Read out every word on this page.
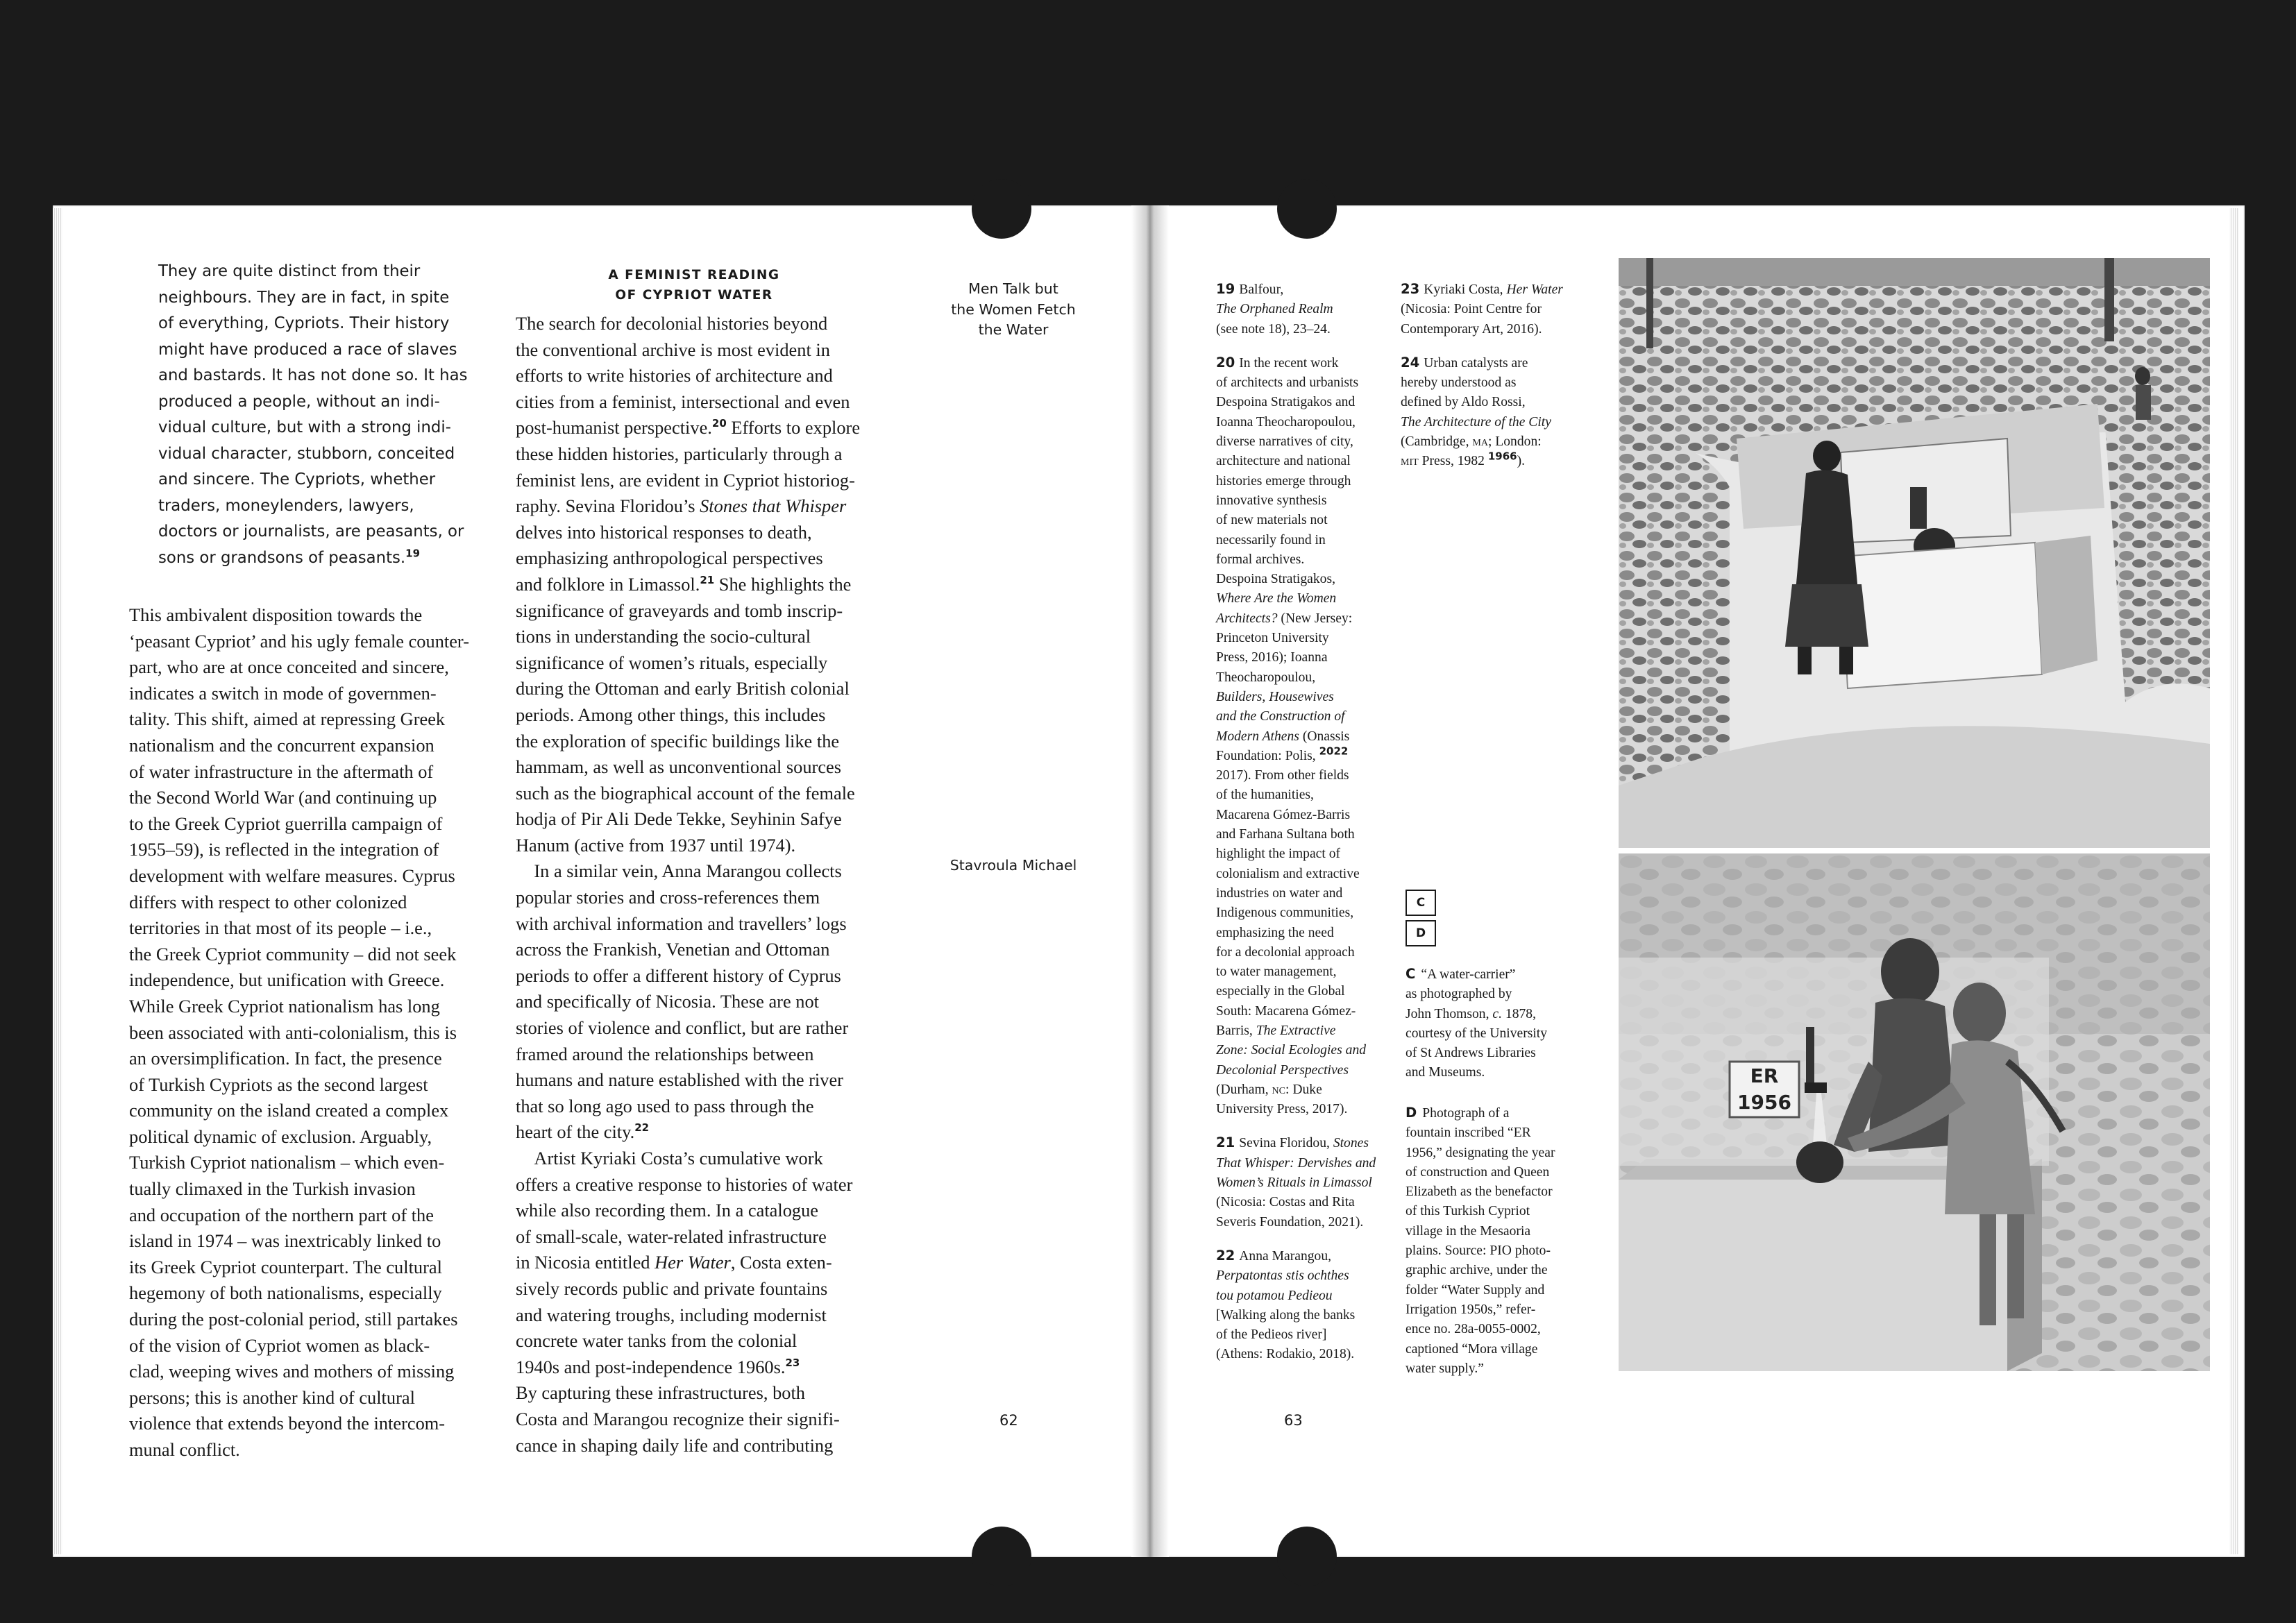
They are quite distinct from their
neighbours. They are in fact, in spite
of everything, Cypriots. Their history
might have produced a race of slaves
and bastards. It has not done so. It has
produced a people, without an indi-
vidual culture, but with a strong indi-
vidual character, stubborn, conceited
and sincere. The Cypriots, whether
traders, moneylenders, lawyers,
doctors or journalists, are peasants, or
sons or grandsons of peasants.$^{19}$

This ambivalent disposition towards the
‘peasant Cypriot’ and his ugly female counter-
part, who are at once conceited and sincere,
indicates a switch in mode of governmen-
tality. This shift, aimed at repressing Greek
nationalism and the concurrent expansion
of water infrastructure in the aftermath of
the Second World War (and continuing up
to the Greek Cypriot guerrilla campaign of
1955–59), is reflected in the integration of
development with welfare measures. Cyprus
differs with respect to other colonized
territories in that most of its people – i.e.,
the Greek Cypriot community – did not seek
independence, but unification with Greece.
While Greek Cypriot nationalism has long
been associated with anti-colonialism, this is
an oversimplification. In fact, the presence
of Turkish Cypriots as the second largest
community on the island created a complex
political dynamic of exclusion. Arguably,
Turkish Cypriot nationalism – which even-
tually climaxed in the Turkish invasion
and occupation of the northern part of the
island in 1974 – was inextricably linked to
its Greek Cypriot counterpart. The cultural
hegemony of both nationalisms, especially
during the post-colonial period, still partakes
of the vision of Cypriot women as black-
clad, weeping wives and mothers of missing
persons; this is another kind of cultural
violence that extends beyond the intercom-
munal conflict.

A FEMINIST READING
OF CYPRIOT WATER

The search for decolonial histories beyond
the conventional archive is most evident in
efforts to write histories of architecture and
cities from a feminist, intersectional and even
post-humanist perspective.$^{20}$ Efforts to explore
these hidden histories, particularly through a
feminist lens, are evident in Cypriot historiog-
raphy. Sevina Floridou’s Stones that Whisper
delves into historical responses to death,
emphasizing anthropological perspectives
and folklore in Limassol.$^{21}$ She highlights the
significance of graveyards and tomb inscrip-
tions in understanding the socio-cultural
significance of women’s rituals, especially
during the Ottoman and early British colonial
periods. Among other things, this includes
the exploration of specific buildings like the
hammam, as well as unconventional sources
such as the biographical account of the female
hodja of Pir Ali Dede Tekke, Seyhinin Safye
Hanum (active from 1937 until 1974).

In a similar vein, Anna Marangou collects
popular stories and cross-references them
with archival information and travellers’ logs
across the Frankish, Venetian and Ottoman
periods to offer a different history of Cyprus
and specifically of Nicosia. These are not
stories of violence and conflict, but are rather
framed around the relationships between
humans and nature established with the river
that so long ago used to pass through the
heart of the city.$^{22}$

Artist Kyriaki Costa’s cumulative work
offers a creative response to histories of water
while also recording them. In a catalogue
of small-scale, water-related infrastructure
in Nicosia entitled Her Water, Costa exten-
sively records public and private fountains
and watering troughs, including modernist
concrete water tanks from the colonial
1940s and post-independence 1960s.$^{23}$
By capturing these infrastructures, both
Costa and Marangou recognize their signifi-
cance in shaping daily life and contributing

Men Talk but
the Women Fetch
the Water
Stavroula Michael
62
19 Balfour,
The Orphaned Realm
(see note 18), 23–24.
20 In the recent work
of architects and urbanists
Despoina Stratigakos and
Ioanna Theocharopoulou,
diverse narratives of city,
architecture and national
histories emerge through
innovative synthesis
of new materials not
necessarily found in
formal archives.
Despoina Stratigakos,
Where Are the Women
Architects? (New Jersey:
Princeton University
Press, 2016); Ioanna
Theocharopoulou,
Builders, Housewives
and the Construction of
Modern Athens (Onassis
Foundation: Polis, $^{2022}$
2017). From other fields
of the humanities,
Macarena Gómez-Barris
and Farhana Sultana both
highlight the impact of
colonialism and extractive
industries on water and
Indigenous communities,
emphasizing the need
for a decolonial approach
to water management,
especially in the Global
South: Macarena Gómez-
Barris, The Extractive
Zone: Social Ecologies and
Decolonial Perspectives
(Durham, nc: Duke
University Press, 2017).
21 Sevina Floridou, Stones
That Whisper: Dervishes and
Women’s Rituals in Limassol
(Nicosia: Costas and Rita
Severis Foundation, 2021).
22 Anna Marangou,
Perpatontas stis ochthes
tou potamou Pedieou
[Walking along the banks
of the Pedieos river]
(Athens: Rodakio, 2018).
23 Kyriaki Costa, Her Water
(Nicosia: Point Centre for
Contemporary Art, 2016).
24 Urban catalysts are
hereby understood as
defined by Aldo Rossi,
The Architecture of the City
(Cambridge, ma; London:
mit Press, 1982 $^{1966}$).
C
D
C “A water-carrier”
as photographed by
John Thomson, c. 1878,
courtesy of the University
of St Andrews Libraries
and Museums.
D Photograph of a
fountain inscribed “ER
1956,” designating the year
of construction and Queen
Elizabeth as the benefactor
of this Turkish Cypriot
village in the Mesaoria
plains. Source: PIO photo-
graphic archive, under the
folder “Water Supply and
Irrigation 1950s,” refer-
ence no. 28a-0055-0002,
captioned “Mora village
water supply.”
63
ER
1956
